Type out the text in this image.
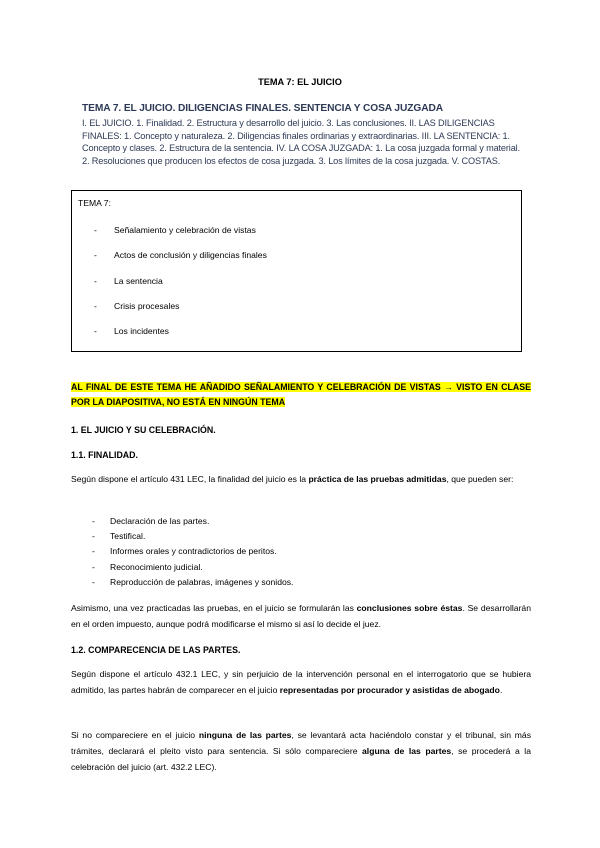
TEMA 7: EL JUICIO
TEMA 7. EL JUICIO. DILIGENCIAS FINALES. SENTENCIA Y COSA JUZGADA
I. EL JUICIO. 1. Finalidad. 2. Estructura y desarrollo del juicio. 3. Las conclusiones. II. LAS DILIGENCIAS
FINALES: 1. Concepto y naturaleza. 2. Diligencias finales ordinarias y extraordinarias. III. LA SENTENCIA: 1.
Concepto y clases. 2. Estructura de la sentencia. IV. LA COSA JUZGADA: 1. La cosa juzgada formal y material.
2. Resoluciones que producen los efectos de cosa juzgada. 3. Los límites de la cosa juzgada. V. COSTAS.
TEMA 7:
- Señalamiento y celebración de vistas
- Actos de conclusión y diligencias finales
- La sentencia
- Crisis procesales
- Los incidentes
AL FINAL DE ESTE TEMA HE AÑADIDO SEÑALAMIENTO Y CELEBRACIÓN DE VISTAS → VISTO EN CLASE POR LA DIAPOSITIVA, NO ESTÁ EN NINGÚN TEMA
1. EL JUICIO Y SU CELEBRACIÓN.
1.1. FINALIDAD.
Según dispone el artículo 431 LEC, la finalidad del juicio es la práctica de las pruebas admitidas, que pueden ser:
- Declaración de las partes.
- Testifical.
- Informes orales y contradictorios de peritos.
- Reconocimiento judicial.
- Reproducción de palabras, imágenes y sonidos.
Asimismo, una vez practicadas las pruebas, en el juicio se formularán las conclusiones sobre éstas. Se desarrollarán en el orden impuesto, aunque podrá modificarse el mismo si así lo decide el juez.
1.2. COMPARECENCIA DE LAS PARTES.
Según dispone el artículo 432.1 LEC, y sin perjuicio de la intervención personal en el interrogatorio que se hubiera admitido, las partes habrán de comparecer en el juicio representadas por procurador y asistidas de abogado.
Si no compareciere en el juicio ninguna de las partes, se levantará acta haciéndolo constar y el tribunal, sin más trámites, declarará el pleito visto para sentencia. Si sólo compareciere alguna de las partes, se procederá a la celebración del juicio (art. 432.2 LEC).
